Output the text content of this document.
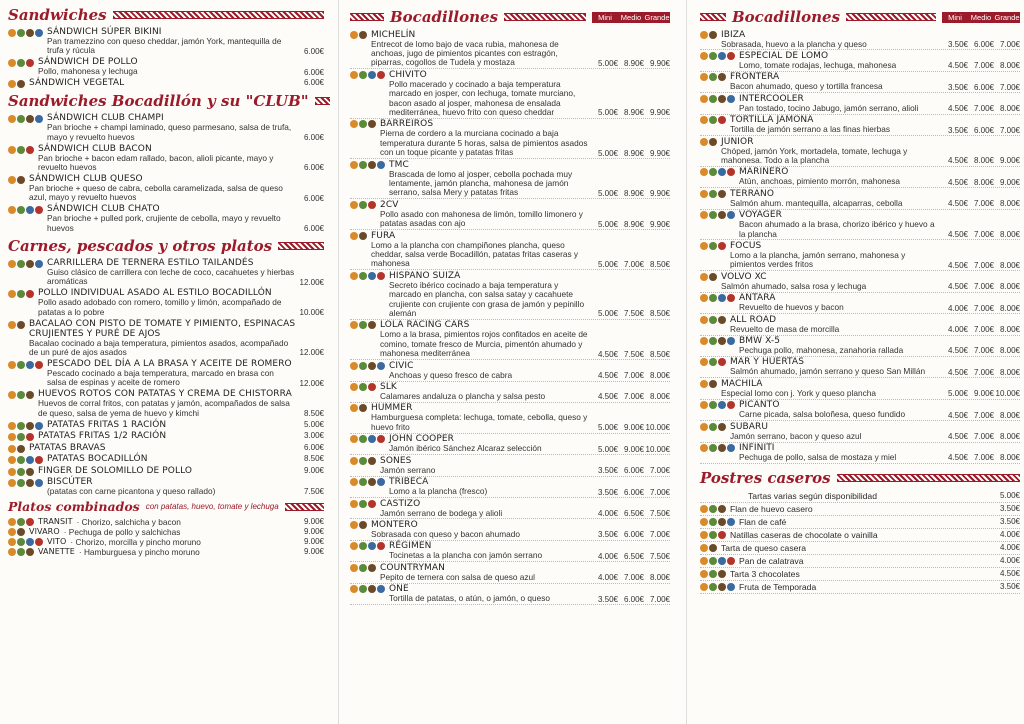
Sandwiches
SÁNDWICH SÚPER BIKINI
Pan tramezzino con queso cheddar, jamón York, mantequilla de trufa y rúcula	6.00€
SÁNDWICH DE POLLO
Pollo, mahonesa y lechuga	6.00€
SÁNDWICH VEGETAL	6.00€
Sandwiches Bocadillón y su "CLUB"
SÁNDWICH CLUB CHAMPI
Pan brioche + champi laminado, queso parmesano, salsa de trufa, mayo y revuelto huevos	6.00€
SÁNDWICH CLUB BACON
Pan brioche + bacon edam rallado, bacon, alioli picante, mayo y revuelto huevos	6.00€
SÁNDWICH CLUB QUESO
Pan brioche + queso de cabra, cebolla caramelizada, salsa de queso azul, mayo y revuelto huevos	6.00€
SÁNDWICH CLUB CHATO
Pan brioche + pulled pork, crujiente de cebolla, mayo y revuelto huevos	6.00€
Carnes, pescados y otros platos
CARRILLERA DE TERNERA ESTILO TAILANDÉS
Guiso clásico de carrillera con leche de coco, cacahuetes y hierbas aromáticas	12.00€
POLLO INDIVIDUAL ASADO AL ESTILO BOCADILLÓN
Pollo asado adobado con romero, tomillo y limón, acompañado de patatas a lo pobre	10.00€
BACALAO CON PISTO DE TOMATE Y PIMIENTO, ESPINACAS CRUJIENTES Y PURÉ DE AJOS
Bacalao cocinado a baja temperatura, pimientos asados, acompañado de un puré de ajos asados	12.00€
PESCADO DEL DÍA A LA BRASA Y ACEITE DE ROMERO
Pescado cocinado a baja temperatura, marcado en brasa con salsa de espinas y aceite de romero	12.00€
HUEVOS ROTOS CON PATATAS Y CREMA DE CHISTORRA
Huevos de corral fritos, con patatas y jamón, acompañados de salsa de queso, salsa de yema de huevo y kimchi	8.50€
PATATAS FRITAS 1 RACIÓN	5.00€
PATATAS FRITAS 1/2 RACIÓN	3.00€
PATATAS BRAVAS	6.00€
PATATAS BOCADILLÓN	8.50€
FINGER DE SOLOMILLO DE POLLO	9.00€
BISCÚTER
(patatas con carne picantona y queso rallado)	7.50€
Platos combinados con patatas, huevo, tomate y lechuga
TRANSIT · Chorizo, salchicha y bacon	9.00€
VIVARO · Pechuga de pollo y salchichas	9.00€
VITO · Chorizo, morcilla y pincho moruno	9.00€
VANETTE · Hamburguesa y pincho moruno	9.00€
Bocadillones	Mini	Medio Grande
MICHELÍN
Entrecot de lomo bajo de vaca rubia, mahonesa de anchoas, jugo de pimientos picantes con estragón, piparras, cogollos de Tudela y mostaza	5.00€ 8.90€ 9.90€
CHIVITO
Pollo macerado y cocinado a baja temperatura marcado en josper, con lechuga, tomate murciano, bacon asado al josper, mahonesa de ensalada mediterránea, huevo frito con queso cheddar	5.00€ 8.90€ 9.90€
BARREIROS
Pierna de cordero a la murciana cocinado a baja temperatura durante 5 horas, salsa de pimientos asados con un toque picante y patatas fritas	5.00€ 8.90€ 9.90€
TMC
Brascada de lomo al josper, cebolla pochada muy lentamente, jamón plancha, mahonesa de jamón serrano, salsa Mery y patatas fritas	5.00€ 8.90€ 9.90€
2CV
Pollo asado con mahonesa de limón, tomillo limonero y patatas asadas con ajo	5.00€ 8.90€ 9.90€
FURA
Lomo a la plancha con champiñones plancha, queso cheddar, salsa verde Bocadillón, patatas fritas caseras y mahonesa	5.00€ 7.00€ 8.50€
HISPANO SUIZA
Secreto ibérico cocinado a baja temperatura y marcado en plancha, con salsa satay y cacahuete crujiente con crujiente con grasa de jamón y pepinillo alemán	5.00€ 7.50€ 8.50€
LOLA RACING CARS
Lomo a la brasa, pimientos rojos confitados en aceite de comino, tomate fresco de Murcia, pimentón ahumado y mahonesa mediterránea	4.50€ 7.50€ 8.50€
CIVIC
Anchoas y queso fresco de cabra	4.50€ 7.00€ 8.00€
SLK
Calamares andaluza o plancha y salsa pesto	4.50€ 7.00€ 8.00€
HUMMER
Hamburguesa completa: lechuga, tomate, cebolla, queso y huevo frito	5.00€ 9.00€ 10.00€
JOHN COOPER
Jamón ibérico Sánchez Alcaraz selección	5.00€ 9.00€ 10.00€
SONES
Jamón serrano	3.50€ 6.00€ 7.00€
TRIBECA
Lomo a la plancha (fresco)	3.50€ 6.00€ 7.00€
CASTIZO
Jamón serrano de bodega y alioli	4.00€ 6.50€ 7.50€
MONTERO
Sobrasada con queso y bacon ahumado	3.50€ 6.00€ 7.00€
RÉGIMEN
Tocinetas a la plancha con jamón serrano	4.00€ 6.50€ 7.50€
COUNTRYMAN
Pepito de ternera con salsa de queso azul	4.00€ 7.00€ 8.00€
ONE
Tortilla de patatas, o atún, o jamón, o queso	3.50€ 6.00€ 7.00€
Bocadillones	Mini	Medio Grande
IBIZA
Sobrasada, huevo a la plancha y queso	3.50€ 6.00€ 7.00€
ESPECIAL DE LOMO
Lomo, tomate rodajas, lechuga, mahonesa	4.50€ 7.00€ 8.00€
FRONTERA
Bacon ahumado, queso y tortilla francesa	3.50€ 6.00€ 7.00€
INTERCOOLER
Pan tostado, tocino Jabugo, jamón serrano, alioli	4.50€ 7.00€ 8.00€
TORTILLA JAMONA
Tortilla de jamón serrano a las finas hierbas	3.50€ 6.00€ 7.00€
JUNIOR
Chóped, jamón York, mortadela, tomate, lechuga y mahonesa. Todo a la plancha	4.50€ 8.00€ 9.00€
MARINERO
Atún, anchoas, pimiento morrón, mahonesa	4.50€ 8.00€ 9.00€
TERRANO
Salmón ahum. mantequilla, alcaparras, cebolla	4.50€ 7.00€ 8.00€
VOYAGER
Bacon ahumado a la brasa, chorizo ibérico y huevo a la plancha	4.50€ 7.00€ 8.00€
FOCUS
Lomo a la plancha, jamón serrano, mahonesa y pimientos verdes fritos	4.50€ 7.00€ 8.00€
VOLVO XC
Salmón ahumado, salsa rosa y lechuga	4.50€ 7.00€ 8.00€
ANTARA
Revuelto de huevos y bacon	4.00€ 7.00€ 8.00€
ALL ROAD
Revuelto de masa de morcilla	4.00€ 7.00€ 8.00€
BMW X-5
Pechuga pollo, mahonesa, zanahoria rallada	4.50€ 7.00€ 8.00€
MAR Y HUERTAS
Salmón ahumado, jamón serrano y queso San Millán	4.50€ 7.00€ 8.00€
MACHILA
Especial lomo con j. York y queso plancha	5.00€ 9.00€ 10.00€
PICANTO
Carne picada, salsa boloñesa, queso fundido	4.50€ 7.00€ 8.00€
SUBARU
Jamón serrano, bacon y queso azul	4.50€ 7.00€ 8.00€
INFINITI
Pechuga de pollo, salsa de mostaza y miel	4.50€ 7.00€ 8.00€
Postres caseros
Tartas varias según disponibilidad	5.00€
Flan de huevo casero	3.50€
Flan de café	3.50€
Natillas caseras de chocolate o vainilla	4.00€
Tarta de queso casera	4.00€
Pan de calatrava	4.00€
Tarta 3 chocolates	4.50€
Fruta de Temporada	3.50€
